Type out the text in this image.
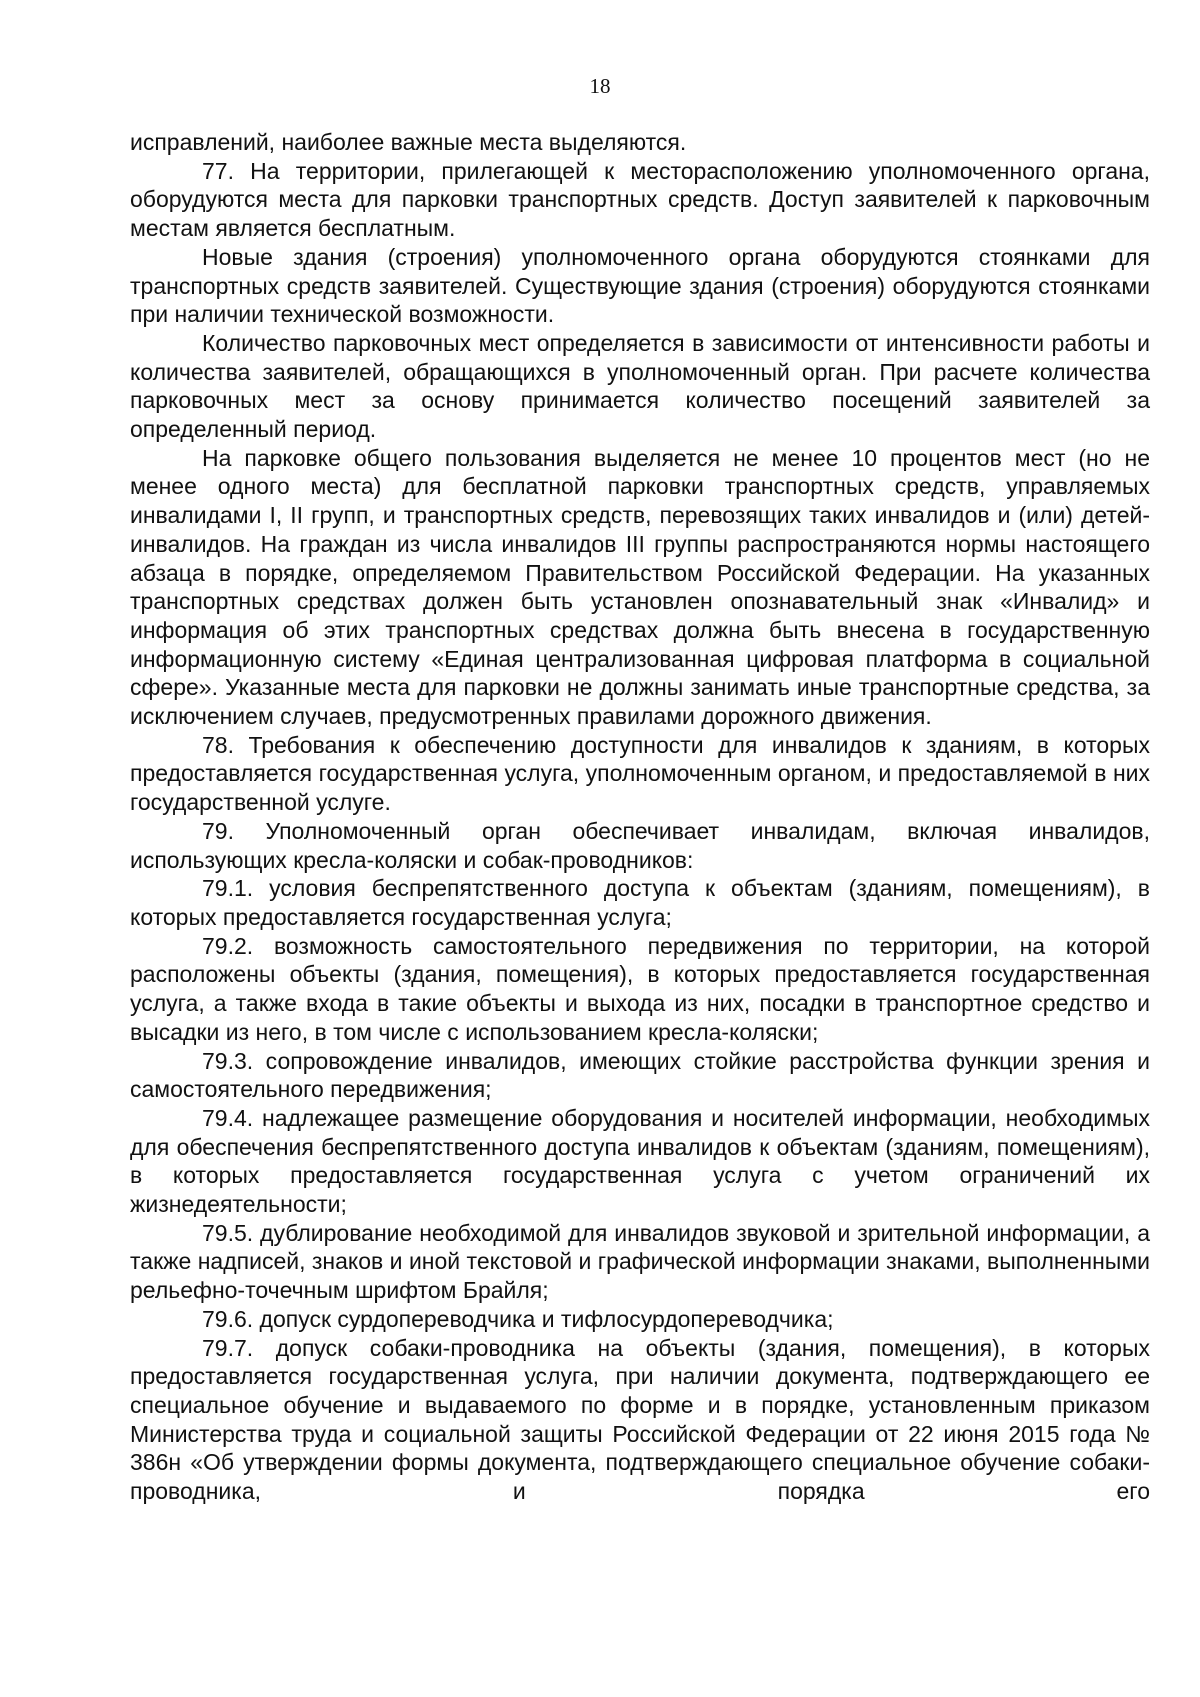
18

исправлений, наиболее важные места выделяются.

77. На территории, прилегающей к месторасположению уполномоченного органа, оборудуются места для парковки транспортных средств. Доступ заявителей к парковочным местам является бесплатным.

Новые здания (строения) уполномоченного органа оборудуются стоянками для транспортных средств заявителей. Существующие здания (строения) оборудуются стоянками при наличии технической возможности.

Количество парковочных мест определяется в зависимости от интенсивности работы и количества заявителей, обращающихся в уполномоченный орган. При расчете количества парковочных мест за основу принимается количество посещений заявителей за определенный период.

На парковке общего пользования выделяется не менее 10 процентов мест (но не менее одного места) для бесплатной парковки транспортных средств, управляемых инвалидами I, II групп, и транспортных средств, перевозящих таких инвалидов и (или) детей-инвалидов. На граждан из числа инвалидов III группы распространяются нормы настоящего абзаца в порядке, определяемом Правительством Российской Федерации. На указанных транспортных средствах должен быть установлен опознавательный знак «Инвалид» и информация об этих транспортных средствах должна быть внесена в государственную информационную систему «Единая централизованная цифровая платформа в социальной сфере». Указанные места для парковки не должны занимать иные транспортные средства, за исключением случаев, предусмотренных правилами дорожного движения.

78. Требования к обеспечению доступности для инвалидов к зданиям, в которых предоставляется государственная услуга, уполномоченным органом, и предоставляемой в них государственной услуге.

79. Уполномоченный орган обеспечивает инвалидам, включая инвалидов, использующих кресла-коляски и собак-проводников:

79.1. условия беспрепятственного доступа к объектам (зданиям, помещениям), в которых предоставляется государственная услуга;

79.2. возможность самостоятельного передвижения по территории, на которой расположены объекты (здания, помещения), в которых предоставляется государственная услуга, а также входа в такие объекты и выхода из них, посадки в транспортное средство и высадки из него, в том числе с использованием кресла-коляски;

79.3. сопровождение инвалидов, имеющих стойкие расстройства функции зрения и самостоятельного передвижения;

79.4. надлежащее размещение оборудования и носителей информации, необходимых для обеспечения беспрепятственного доступа инвалидов к объектам (зданиям, помещениям), в которых предоставляется государственная услуга с учетом ограничений их жизнедеятельности;

79.5. дублирование необходимой для инвалидов звуковой и зрительной информации, а также надписей, знаков и иной текстовой и графической информации знаками, выполненными рельефно-точечным шрифтом Брайля;

79.6. допуск сурдопереводчика и тифлосурдопереводчика;

79.7. допуск собаки-проводника на объекты (здания, помещения), в которых предоставляется государственная услуга, при наличии документа, подтверждающего ее специальное обучение и выдаваемого по форме и в порядке, установленным приказом Министерства труда и социальной защиты Российской Федерации от 22 июня 2015 года № 386н «Об утверждении формы документа, подтверждающего специальное обучение собаки-проводника, и порядка его
